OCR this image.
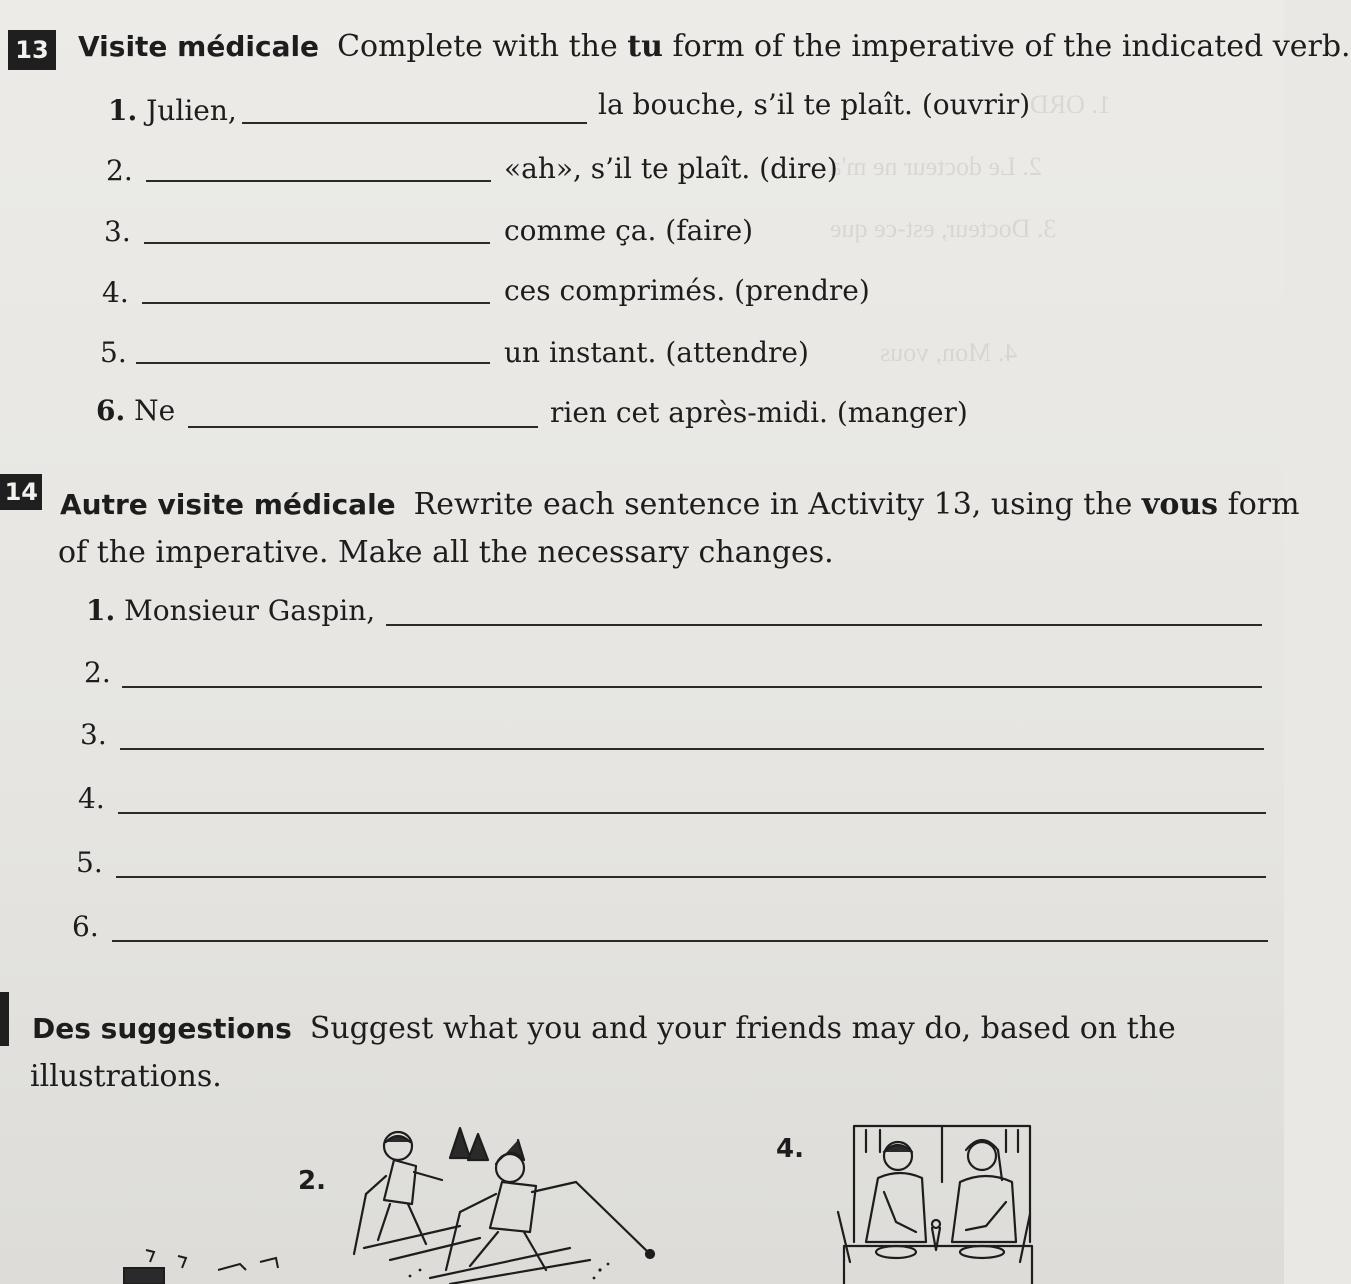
1. ORD
2. Le docteur ne m'a
3. Docteur, est-ce que
4. Mon, vous
13 Visite médicale Complete with the tu form of the imperative of the indicated verb.
1. Julien,	la bouche, s’il te plaît. (ouvrir)
2.	«ah», s’il te plaît. (dire)
3.	comme ça. (faire)
4.	ces comprimés. (prendre)
5.	un instant. (attendre)
6. Ne	rien cet après-midi. (manger)
14 Autre visite médicale Rewrite each sentence in Activity 13, using the vous form
of the imperative. Make all the necessary changes.
1. Monsieur Gaspin,
2.
3.
4.
5.
6.
Des suggestions Suggest what you and your friends may do, based on the
illustrations.
2.
4.
